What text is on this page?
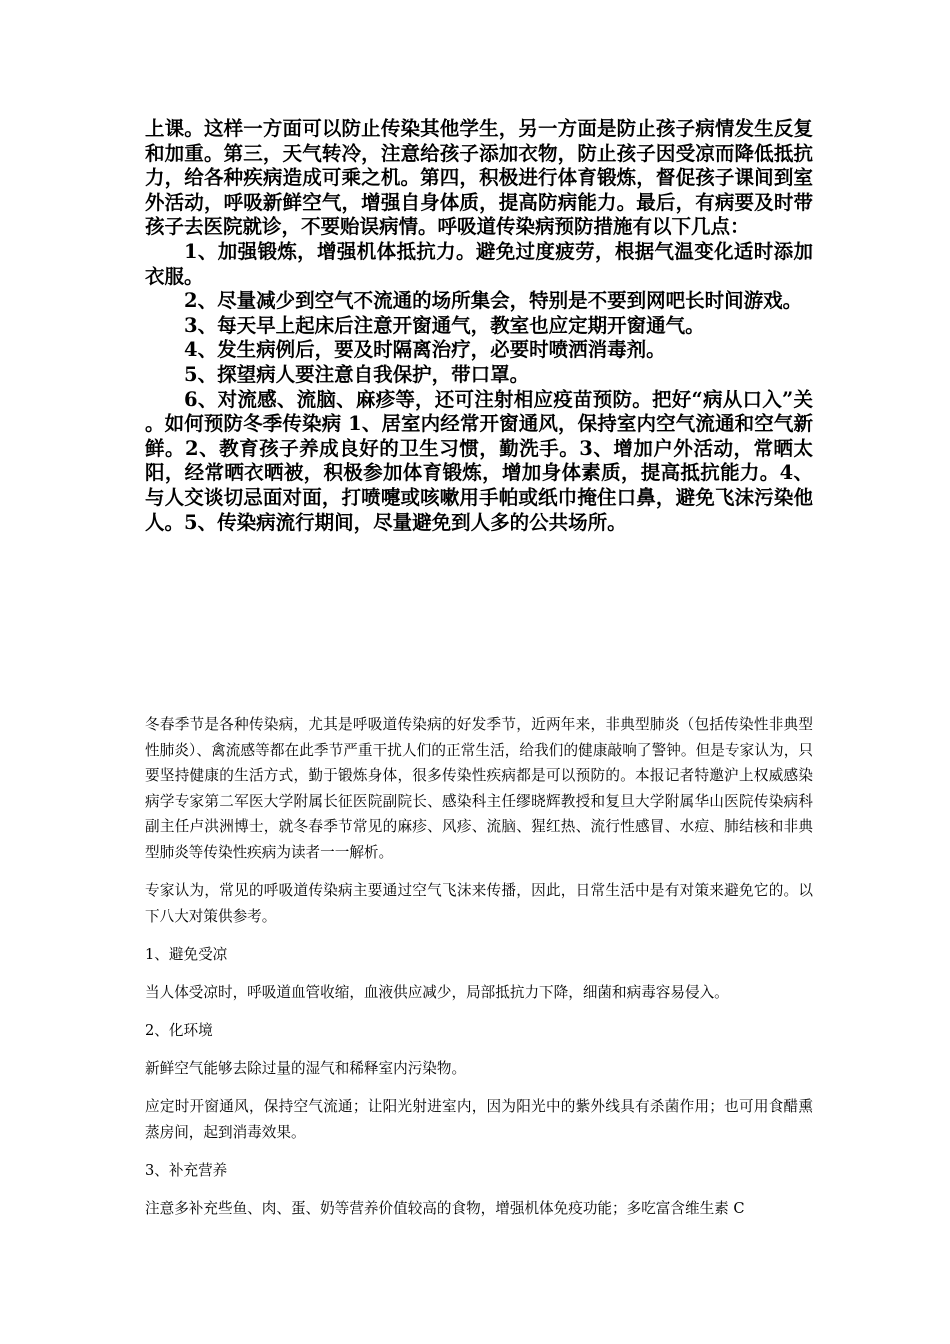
上课。这样一方面可以防止传染其他学生，另一方面是防止孩子病情发生反复和加重。第三，天气转冷，注意给孩子添加衣物，防止孩子因受凉而降低抵抗力，给各种疾病造成可乘之机。第四，积极进行体育锻炼，督促孩子课间到室外活动，呼吸新鲜空气，增强自身体质，提高防病能力。最后，有病要及时带孩子去医院就诊，不要贻误病情。呼吸道传染病预防措施有以下几点：

1、加强锻炼，增强机体抵抗力。避免过度疲劳，根据气温变化适时添加衣服。

2、尽量减少到空气不流通的场所集会，特别是不要到网吧长时间游戏。

3、每天早上起床后注意开窗通气，教室也应定期开窗通气。

4、发生病例后，要及时隔离治疗，必要时喷洒消毒剂。

5、探望病人要注意自我保护，带口罩。

6、对流感、流脑、麻疹等，还可注射相应疫苗预防。把好“病从口入”关 。如何预防冬季传染病 1、居室内经常开窗通风，保持室内空气流通和空气新鲜。2、教育孩子养成良好的卫生习惯，勤洗手。3、增加户外活动，常晒太阳，经常晒衣晒被，积极参加体育锻炼，增加身体素质，提高抵抗能力。4、与人交谈切忌面对面，打喷嚏或咳嗽用手帕或纸巾掩住口鼻，避免飞沫污染他人。5、传染病流行期间，尽量避免到人多的公共场所。

冬春季节是各种传染病，尤其是呼吸道传染病的好发季节，近两年来，非典型肺炎（包括传染性非典型性肺炎）、禽流感等都在此季节严重干扰人们的正常生活，给我们的健康敲响了警钟。但是专家认为，只要坚持健康的生活方式，勤于锻炼身体，很多传染性疾病都是可以预防的。本报记者特邀沪上权威感染病学专家第二军医大学附属长征医院副院长、感染科主任缪晓辉教授和复旦大学附属华山医院传染病科副主任卢洪洲博士，就冬春季节常见的麻疹、风疹、流脑、猩红热、流行性感冒、水痘、肺结核和非典型肺炎等传染性疾病为读者一一解析。

专家认为，常见的呼吸道传染病主要通过空气飞沫来传播，因此，日常生活中是有对策来避免它的。以下八大对策供参考。

1、避免受凉

当人体受凉时，呼吸道血管收缩，血液供应减少，局部抵抗力下降，细菌和病毒容易侵入。

2、化环境

新鲜空气能够去除过量的湿气和稀释室内污染物。

应定时开窗通风，保持空气流通；让阳光射进室内，因为阳光中的紫外线具有杀菌作用；也可用食醋熏蒸房间，起到消毒效果。

3、补充营养

注意多补充些鱼、肉、蛋、奶等营养价值较高的食物，增强机体免疫功能；多吃富含维生素 C
